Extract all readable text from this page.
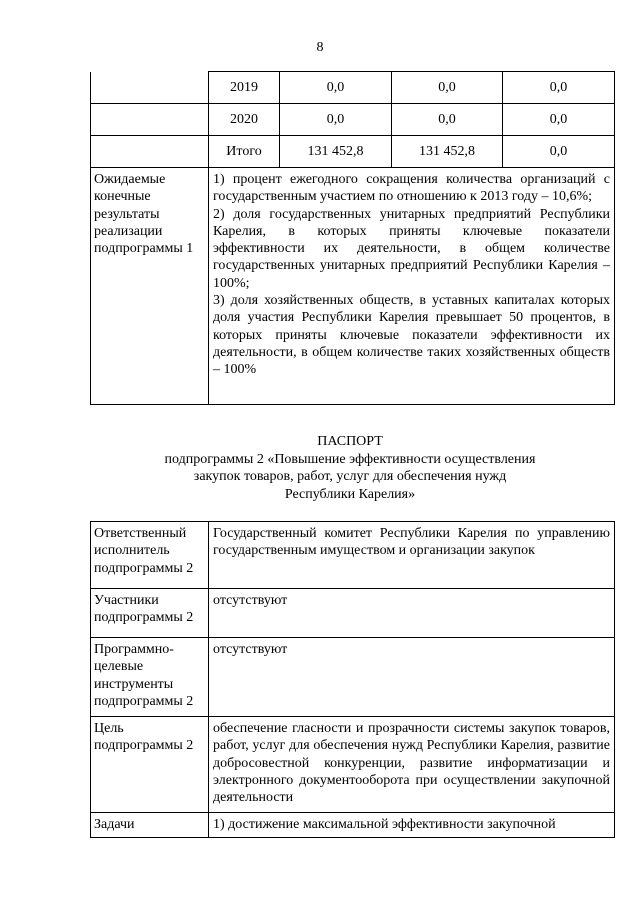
8
	2019	0,0	0,0	0,0
	2020	0,0	0,0	0,0
	Итого	131 452,8	131 452,8	0,0
Ожидаемые конечные результаты реализации подпрограммы 1	1) процент ежегодного сокращения количества организаций с государственным участием по отношению к 2013 году – 10,6%;
2) доля государственных унитарных предприятий Республики Карелия, в которых приняты ключевые показатели эффективности их деятельности, в общем количестве государственных унитарных предприятий Республики Карелия – 100%;
3) доля хозяйственных обществ, в уставных капиталах которых доля участия Республики Карелия превышает 50 процентов, в которых приняты ключевые показатели эффективности их деятельности, в общем количестве таких хозяйственных обществ – 100%			
ПАСПОРТ
подпрограммы 2 «Повышение эффективности осуществления
закупок товаров, работ, услуг для обеспечения нужд
Республики Карелия»
Ответственный исполнитель подпрограммы 2	Государственный комитет Республики Карелия по управлению государственным имуществом и организации закупок
Участники подпрограммы 2	отсутствуют
Программно-целевые инструменты подпрограммы 2	отсутствуют
Цель подпрограммы 2	обеспечение гласности и прозрачности системы закупок товаров, работ, услуг для обеспечения нужд Республики Карелия, развитие добросовестной конкуренции, развитие информатизации и электронного документооборота при осуществлении закупочной деятельности
Задачи	1) достижение максимальной эффективности закупочной
